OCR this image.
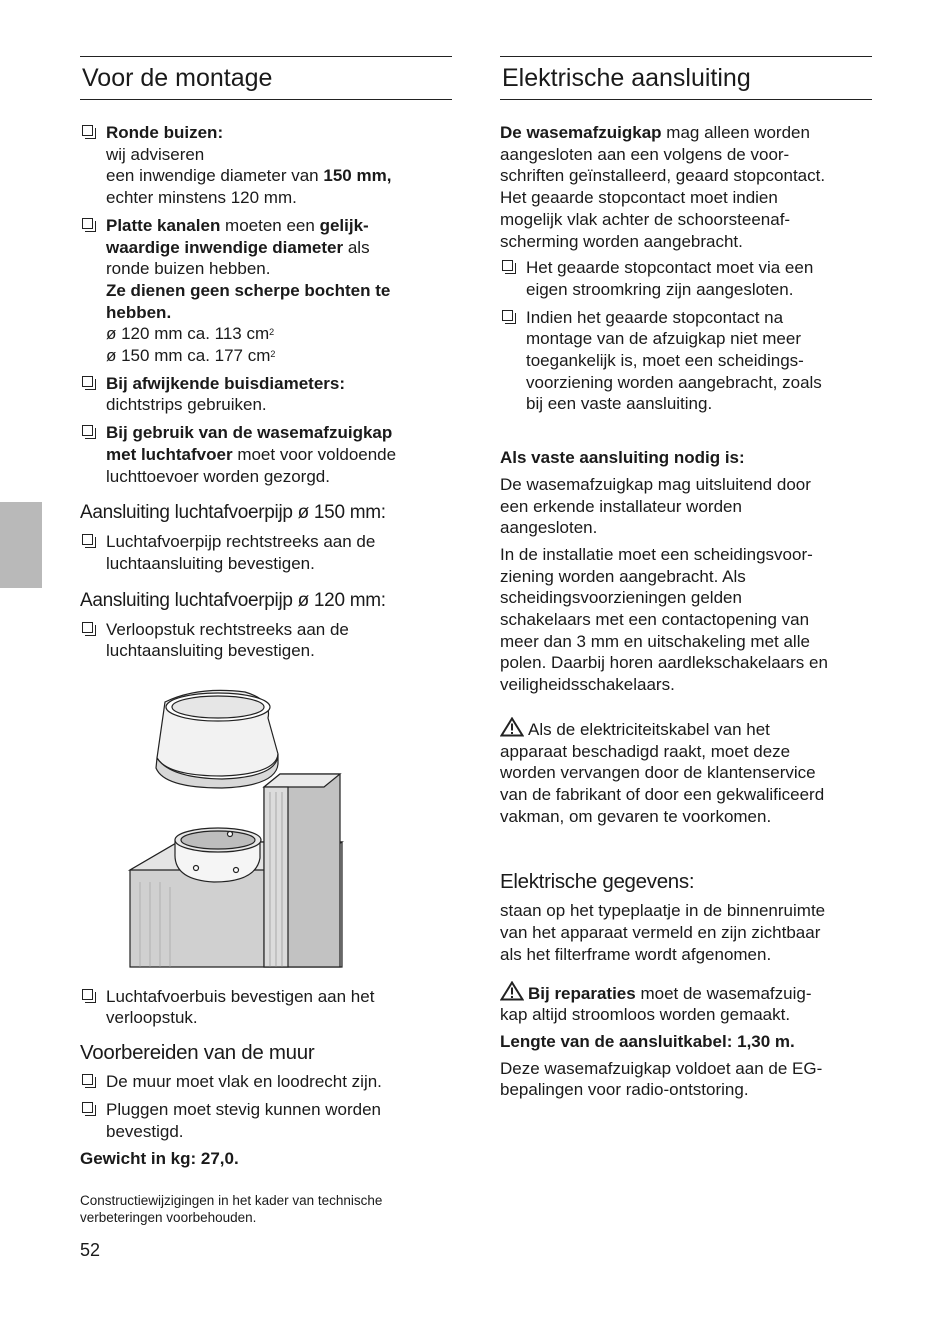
Voor de montage
Ronde buizen:
wij adviseren
een inwendige diameter van 150 mm,
echter minstens 120 mm.
Platte kanalen moeten een gelijk-
waardige inwendige diameter als
ronde buizen hebben.
Ze dienen geen scherpe bochten te
hebben.
ø 120 mm ca. 113 $cm^2$
ø 150 mm ca. 177 $cm^2$
Bij afwijkende buisdiameters:
dichtstrips gebruiken.
Bij gebruik van de wasemafzuigkap
met luchtafvoer moet voor voldoende
luchttoevoer worden gezorgd.
Aansluiting luchtafvoerpijp ø 150 mm:
Luchtafvoerpijp rechtstreeks aan de
luchtaansluiting bevestigen.
Aansluiting luchtafvoerpijp ø 120 mm:
Verloopstuk rechtstreeks aan de
luchtaansluiting bevestigen.
Luchtafvoerbuis bevestigen aan het
verloopstuk.
Voorbereiden van de muur
De muur moet vlak en loodrecht zijn.
Pluggen moet stevig kunnen worden
bevestigd.
Gewicht in kg: 27,0.
Constructiewijzigingen in het kader van technische
verbeteringen voorbehouden.
Elektrische aansluiting
De wasemafzuigkap mag alleen worden
aangesloten aan een volgens de voor-
schriften geïnstalleerd, geaard stopcontact.
Het geaarde stopcontact moet indien
mogelijk vlak achter de schoorsteenaf-
scherming worden aangebracht.
Het geaarde stopcontact moet via een
eigen stroomkring zijn aangesloten.
Indien het geaarde stopcontact na
montage van de afzuigkap niet meer
toegankelijk is, moet een scheidings-
voorziening worden aangebracht, zoals
bij een vaste aansluiting.
Als vaste aansluiting nodig is:
De wasemafzuigkap mag uitsluitend door
een erkende installateur worden
aangesloten.
In de installatie moet een scheidingsvoor-
ziening worden aangebracht. Als
scheidingsvoorzieningen gelden
schakelaars met een contactopening van
meer dan 3 mm en uitschakeling met alle
polen. Daarbij horen aardlekschakelaars en
veiligheidsschakelaars.
Als de elektriciteitskabel van het
apparaat beschadigd raakt, moet deze
worden vervangen door de klantenservice
van de fabrikant of door een gekwalificeerd
vakman, om gevaren te voorkomen.
Elektrische gegevens:
staan op het typeplaatje in de binnenruimte
van het apparaat vermeld en zijn zichtbaar
als het filterframe wordt afgenomen.
Bij reparaties moet de wasemafzuig-
kap altijd stroomloos worden gemaakt.
Lengte van de aansluitkabel: 1,30 m.
Deze wasemafzuigkap voldoet aan de EG-
bepalingen voor radio-ontstoring.
52
